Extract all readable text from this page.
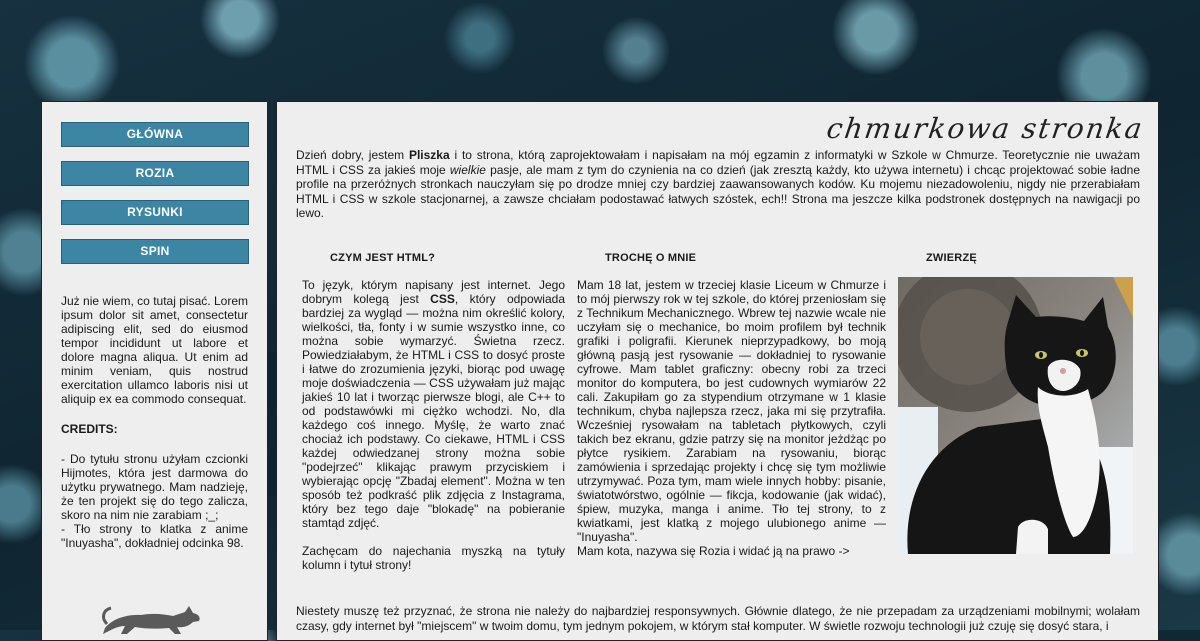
GŁÓWNA
ROZIA
RYSUNKI
SPIN

Już nie wiem, co tutaj pisać. Lorem ipsum dolor sit amet, consectetur adipiscing elit, sed do eiusmod tempor incididunt ut labore et dolore magna aliqua. Ut enim ad minim veniam, quis nostrud exercitation ullamco laboris nisi ut aliquip ex ea commodo consequat.

CREDITS:

- Do tytułu stronu użyłam czcionki Hijmotes, która jest darmowa do użytku prywatnego. Mam nadzieję, że ten projekt się do tego zalicza, skoro na nim nie zarabiam ;_;
- Tło strony to klatka z anime "Inuyasha", dokładniej odcinka 98.
chmurkowa stronka
Dzień dobry, jestem Pliszka i to strona, którą zaprojektowałam i napisałam na mój egzamin z informatyki w Szkole w Chmurze. Teoretycznie nie uważam HTML i CSS za jakieś moje wielkie pasje, ale mam z tym do czynienia na co dzień (jak zresztą każdy, kto używa internetu) i chcąc projektować sobie ładne profile na przeróżnych stronkach nauczyłam się po drodze mniej czy bardziej zaawansowanych kodów. Ku mojemu niezadowoleniu, nigdy nie przerabiałam HTML i CSS w szkole stacjonarnej, a zawsze chciałam podostawać łatwych szóstek, ech!! Strona ma jeszcze kilka podstronek dostępnych na nawigacji po lewo.
CZYM JEST HTML?	TROCHĘ O MNIE	ZWIERZĘ

To język, którym napisany jest internet. Jego dobrym kolegą jest CSS, który odpowiada bardziej za wygląd — można nim określić kolory, wielkości, tła, fonty i w sumie wszystko inne, co można sobie wymarzyć. Świetna rzecz. Powiedziałabym, że HTML i CSS to dosyć proste i łatwe do zrozumienia języki, biorąc pod uwagę moje doświadczenia — CSS używałam już mając jakieś 10 lat i tworząc pierwsze blogi, ale C++ to od podstawówki mi ciężko wchodzi. No, dla każdego coś innego. Myślę, że warto znać chociaż ich podstawy. Co ciekawe, HTML i CSS każdej odwiedzanej strony można sobie "podejrzeć" klikając prawym przyciskiem i wybierając opcję "Zbadaj element". Można w ten sposób też podkraść plik zdjęcia z Instagrama, który bez tego daje "blokadę" na pobieranie stamtąd zdjęć.

Zachęcam do najechania myszką na tytuły kolumn i tytuł strony!

Mam 18 lat, jestem w trzeciej klasie Liceum w Chmurze i to mój pierwszy rok w tej szkole, do której przeniosłam się z Technikum Mechanicznego. Wbrew tej nazwie wcale nie uczyłam się o mechanice, bo moim profilem był technik grafiki i poligrafii. Kierunek nieprzypadkowy, bo moją główną pasją jest rysowanie — dokładniej to rysowanie cyfrowe. Mam tablet graficzny: obecny robi za trzeci monitor do komputera, bo jest cudownych wymiarów 22 cali. Zakupiłam go za stypendium otrzymane w 1 klasie technikum, chyba najlepsza rzecz, jaka mi się przytrafiła. Wcześniej rysowałam na tabletach płytkowych, czyli takich bez ekranu, gdzie patrzy się na monitor jeżdżąc po płytce rysikiem. Zarabiam na rysowaniu, biorąc zamówienia i sprzedając projekty i chcę się tym możliwie utrzymywać. Poza tym, mam wiele innych hobby: pisanie, światotwórstwo, ogólnie — fikcja, kodowanie (jak widać), śpiew, muzyka, manga i anime. Tło tej strony, to z kwiatkami, jest klatką z mojego ulubionego anime — "Inuyasha".
Mam kota, nazywa się Rozia i widać ją na prawo ->
Niestety muszę też przyznać, że strona nie należy do najbardziej responsywnych. Głównie dlatego, że nie przepadam za urządzeniami mobilnymi; wolałam czasy, gdy internet był "miejscem" w twoim domu, tym jednym pokojem, w którym stał komputer. W świetle rozwoju technologii już czuję się dosyć stara, i
